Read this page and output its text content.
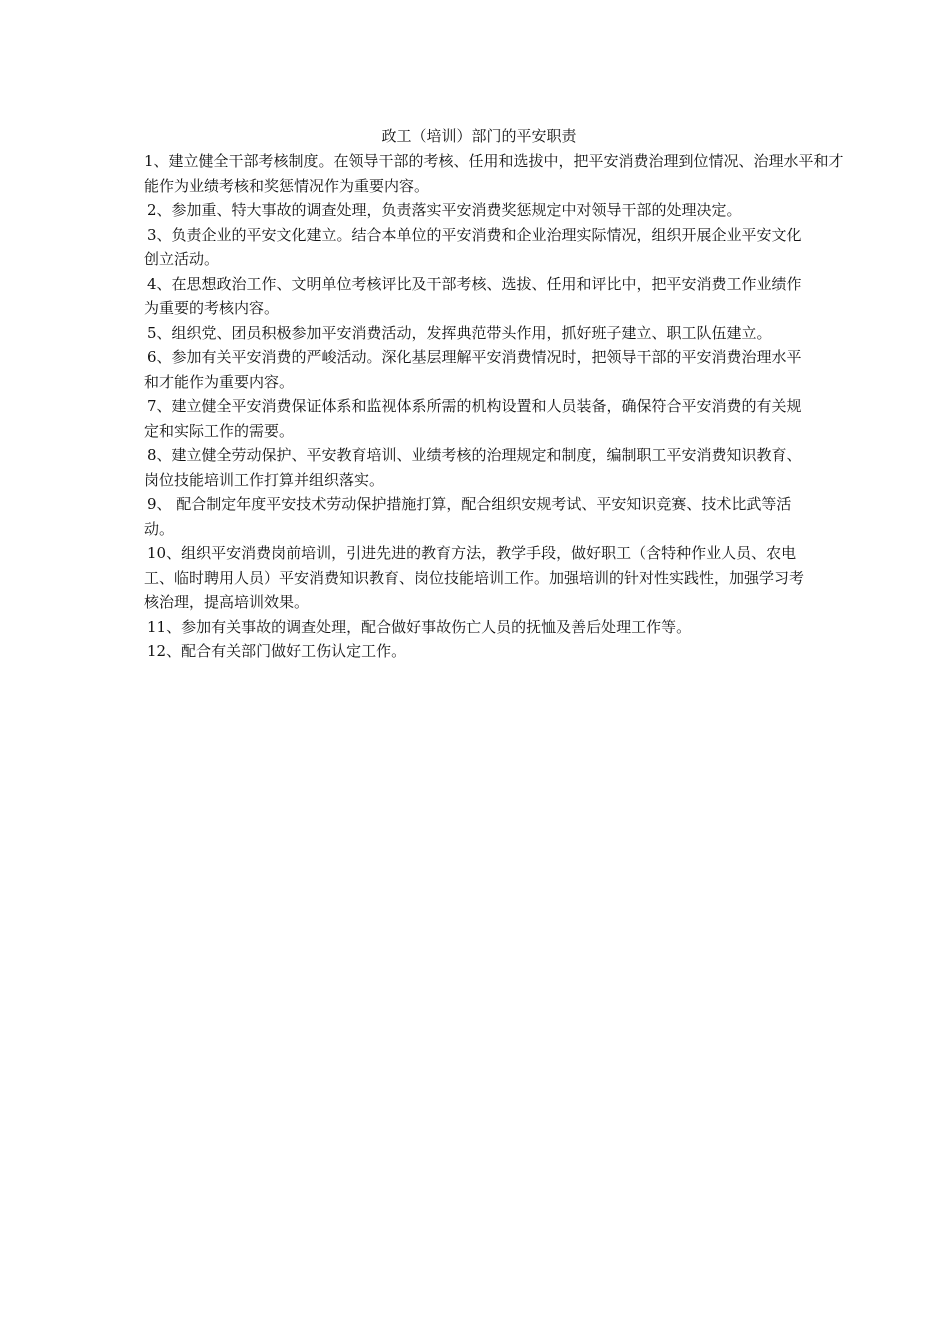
政工（培训）部门的平安职责

1、建立健全干部考核制度。在领导干部的考核、任用和选拔中，把平安消费治理到位情况、治理水平和才能作为业绩考核和奖惩情况作为重要内容。

2、参加重、特大事故的调查处理，负责落实平安消费奖惩规定中对领导干部的处理决定。

3、负责企业的平安文化建立。结合本单位的平安消费和企业治理实际情况，组织开展企业平安文化创立活动。

4、在思想政治工作、文明单位考核评比及干部考核、选拔、任用和评比中，把平安消费工作业绩作为重要的考核内容。

5、组织党、团员积极参加平安消费活动，发挥典范带头作用，抓好班子建立、职工队伍建立。

6、参加有关平安消费的严峻活动。深化基层理解平安消费情况时，把领导干部的平安消费治理水平和才能作为重要内容。

7、建立健全平安消费保证体系和监视体系所需的机构设置和人员装备，确保符合平安消费的有关规定和实际工作的需要。

8、建立健全劳动保护、平安教育培训、业绩考核的治理规定和制度，编制职工平安消费知识教育、岗位技能培训工作打算并组织落实。

9、 配合制定年度平安技术劳动保护措施打算，配合组织安规考试、平安知识竞赛、技术比武等活动。

10、组织平安消费岗前培训，引进先进的教育方法，教学手段，做好职工（含特种作业人员、农电工、临时聘用人员）平安消费知识教育、岗位技能培训工作。加强培训的针对性实践性，加强学习考核治理，提高培训效果。

11、参加有关事故的调查处理，配合做好事故伤亡人员的抚恤及善后处理工作等。

12、配合有关部门做好工伤认定工作。
